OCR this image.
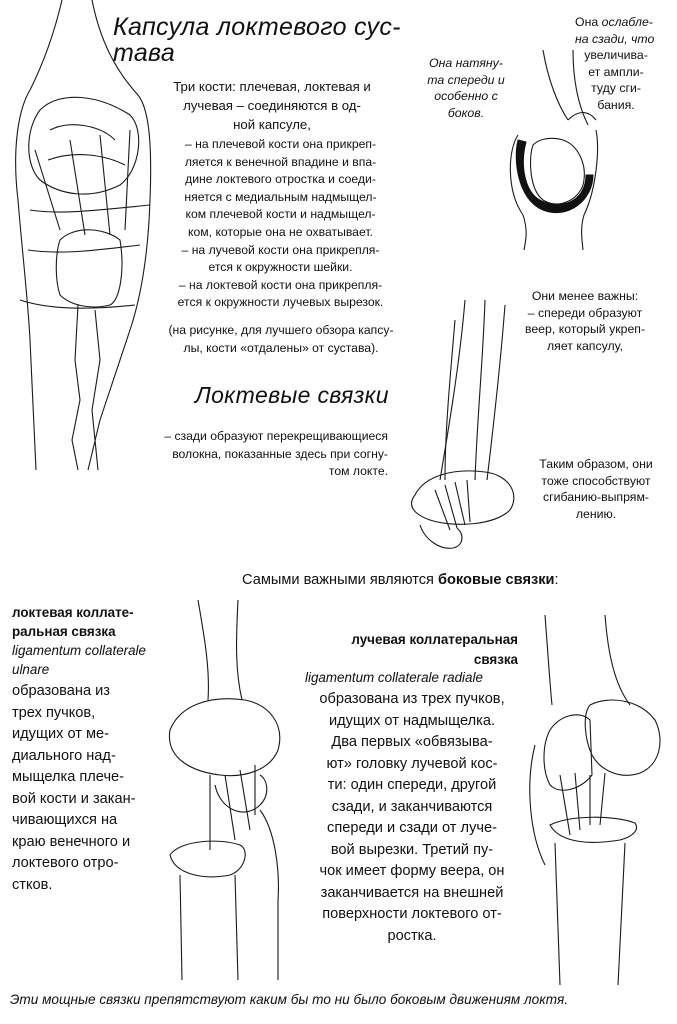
Капсула локтевого сус-
тава
Три кости: плечевая, локтевая и
лучевая – соединяются в од-
ной капсуле,
– на плечевой кости она прикреп-
ляется к венечной впадине и впа-
дине локтевого отростка и соеди-
няется с медиальным надмыщел-
ком плечевой кости и надмыщел-
ком, которые она не охватывает.
– на лучевой кости она прикрепля-
ется к окружности шейки.
– на локтевой кости она прикрепля-
ется к окружности лучевых вырезок.
(на рисунке, для лучшего обзора капсу-
лы, кости «отдалены» от сустава).
Она натяну-
та спереди и
особенно с
боков.
Она ослабле-
на сзади, что
увеличива-
ет ампли-
туду сги-
бания.
Локтевые связки
– сзади образуют перекрещивающиеся
волокна, показанные здесь при согну-
том локте.
Они менее важны:
– спереди образуют
веер, который укреп-
ляет капсулу,
Таким образом, они
тоже способствуют
сгибанию-выпрям-
лению.
Самыми важными являются боковые связки:
локтевая коллате-
ральная связка
ligamentum collaterale
ulnare
образована из
трех пучков,
идущих от ме-
диального над-
мыщелка плече-
вой кости и закан-
чивающихся на
краю венечного и
локтевого отро-
стков.
лучевая коллатеральная
связка
ligamentum collaterale radiale
образована из трех пучков,
идущих от надмыщелка.
Два первых «обвязыва-
ют» головку лучевой кос-
ти: один спереди, другой
сзади, и заканчиваются
спереди и сзади от луче-
вой вырезки. Третий пу-
чок имеет форму веера, он
заканчивается на внешней
поверхности локтевого от-
ростка.
Эти мощные связки препятствуют каким бы то ни было боковым движениям локтя.
